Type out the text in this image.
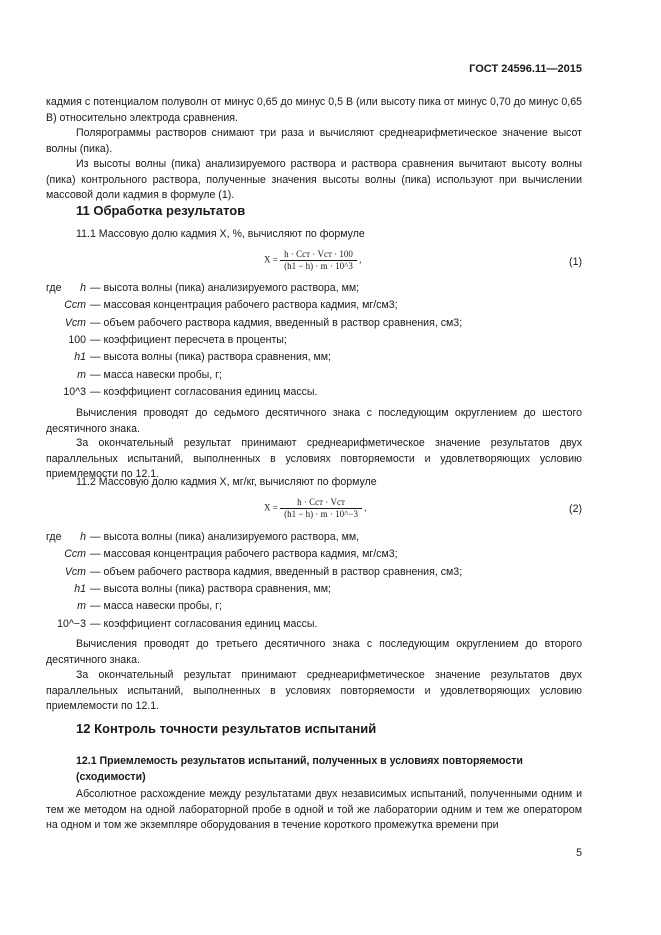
ГОСТ 24596.11—2015
кадмия с потенциалом полуволн от минус 0,65 до минус 0,5 В (или высоту пика от минус 0,70 до минус 0,65 В) относительно электрода сравнения.
Полярограммы растворов снимают три раза и вычисляют среднеарифметическое значение высот волны (пика).
Из высоты волны (пика) анализируемого раствора и раствора сравнения вычитают высоту волны (пика) контрольного раствора, полученные значения высоты волны (пика) используют при вычислении массовой доли кадмия в формуле (1).
11 Обработка результатов
11.1 Массовую долю кадмия X, %, вычисляют по формуле
$X = \frac{\text{h · Cст · Vст · 100}}{(h1 - h) \cdot m \cdot 10\^{}3}$ ,	(1)
где	h — высота волны (пика) анализируемого раствора, мм;
Cст — массовая концентрация рабочего раствора кадмия, мг/см3;
Vст — объем рабочего раствора кадмия, введенный в раствор сравнения, см3;
100 — коэффициент пересчета в проценты;
h1 — высота волны (пика) раствора сравнения, мм;
m — масса навески пробы, г;
10^3 — коэффициент согласования единиц массы.
Вычисления проводят до седьмого десятичного знака с последующим округлением до шестого десятичного знака.
За окончательный результат принимают среднеарифметическое значение результатов двух параллельных испытаний, выполненных в условиях повторяемости и удовлетворяющих условию приемлемости по 12.1.
11.2 Массовую долю кадмия X, мг/кг, вычисляют по формуле
$X = \frac{\text{h · Cст · Vст}}{(h1 - h) \cdot m \cdot 10\^{}-3}$ ,	(2)
где	h — высота волны (пика) анализируемого раствора, мм,
Cст — массовая концентрация рабочего раствора кадмия, мг/см3;
Vст — объем рабочего раствора кадмия, введенный в раствор сравнения, см3;
h1 — высота волны (пика) раствора сравнения, мм;
m — масса навески пробы, г;
10^−3 — коэффициент согласования единиц массы.
Вычисления проводят до третьего десятичного знака с последующим округлением до второго десятичного знака.
За окончательный результат принимают среднеарифметическое значение результатов двух параллельных испытаний, выполненных в условиях повторяемости и удовлетворяющих условию приемлемости по 12.1.
12 Контроль точности результатов испытаний
12.1 Приемлемость результатов испытаний, полученных в условиях повторяемости (сходимости)
Абсолютное расхождение между результатами двух независимых испытаний, полученными одним и тем же методом на одной лабораторной пробе в одной и той же лаборатории одним и тем же оператором на одном и том же экземпляре оборудования в течение короткого промежутка времени при
5
